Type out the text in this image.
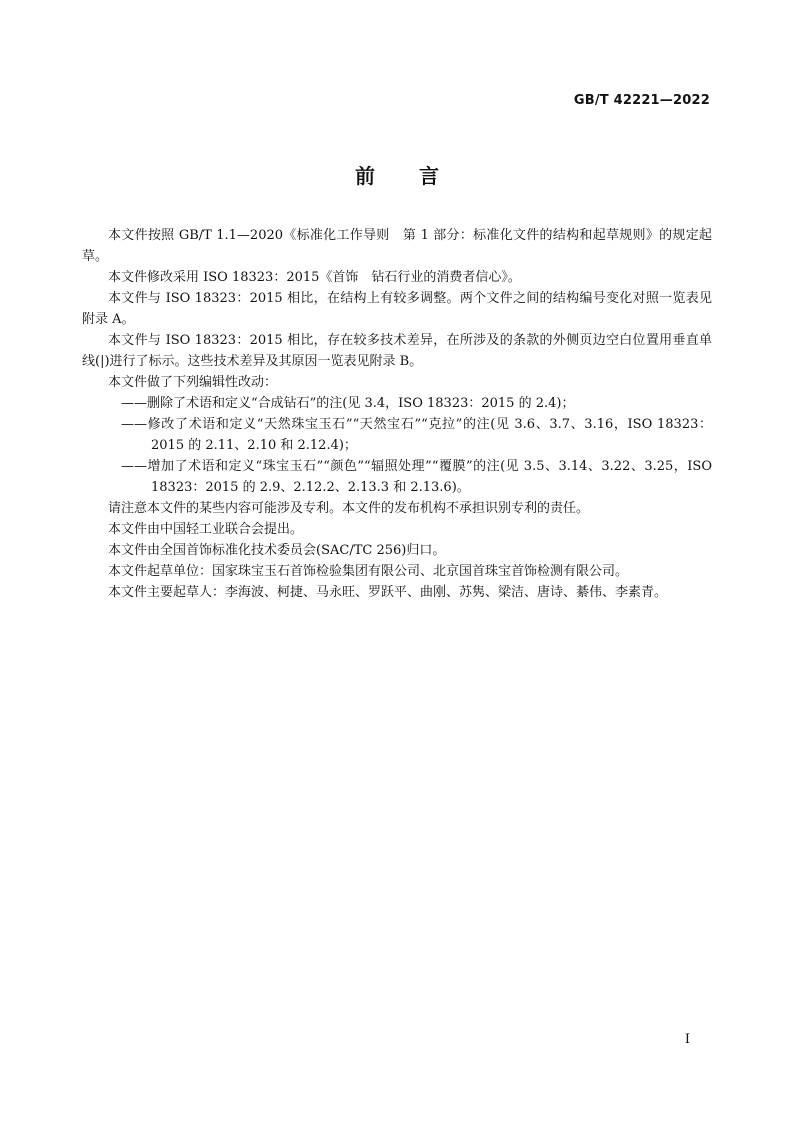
GB/T 42221—2022
前 言

本文件按照 GB/T 1.1—2020《标准化工作导则　第 1 部分：标准化文件的结构和起草规则》的规定起草。

本文件修改采用 ISO 18323：2015《首饰　钻石行业的消费者信心》。

本文件与 ISO 18323：2015 相比，在结构上有较多调整。两个文件之间的结构编号变化对照一览表见附录 A。

本文件与 ISO 18323：2015 相比，存在较多技术差异，在所涉及的条款的外侧页边空白位置用垂直单线(|)进行了标示。这些技术差异及其原因一览表见附录 B。

本文件做了下列编辑性改动：

——删除了术语和定义“合成钻石”的注(见 3.4，ISO 18323：2015 的 2.4)；

——修改了术语和定义“天然珠宝玉石”“天然宝石”“克拉”的注(见 3.6、3.7、3.16，ISO 18323：2015 的 2.11、2.10 和 2.12.4)；

——增加了术语和定义“珠宝玉石”“颜色”“辐照处理”“覆膜”的注(见 3.5、3.14、3.22、3.25，ISO 18323：2015 的 2.9、2.12.2、2.13.3 和 2.13.6)。

请注意本文件的某些内容可能涉及专利。本文件的发布机构不承担识别专利的责任。

本文件由中国轻工业联合会提出。

本文件由全国首饰标准化技术委员会(SAC/TC 256)归口。

本文件起草单位：国家珠宝玉石首饰检验集团有限公司、北京国首珠宝首饰检测有限公司。

本文件主要起草人：李海波、柯捷、马永旺、罗跃平、曲刚、苏隽、梁洁、唐诗、綦伟、李素青。

I
